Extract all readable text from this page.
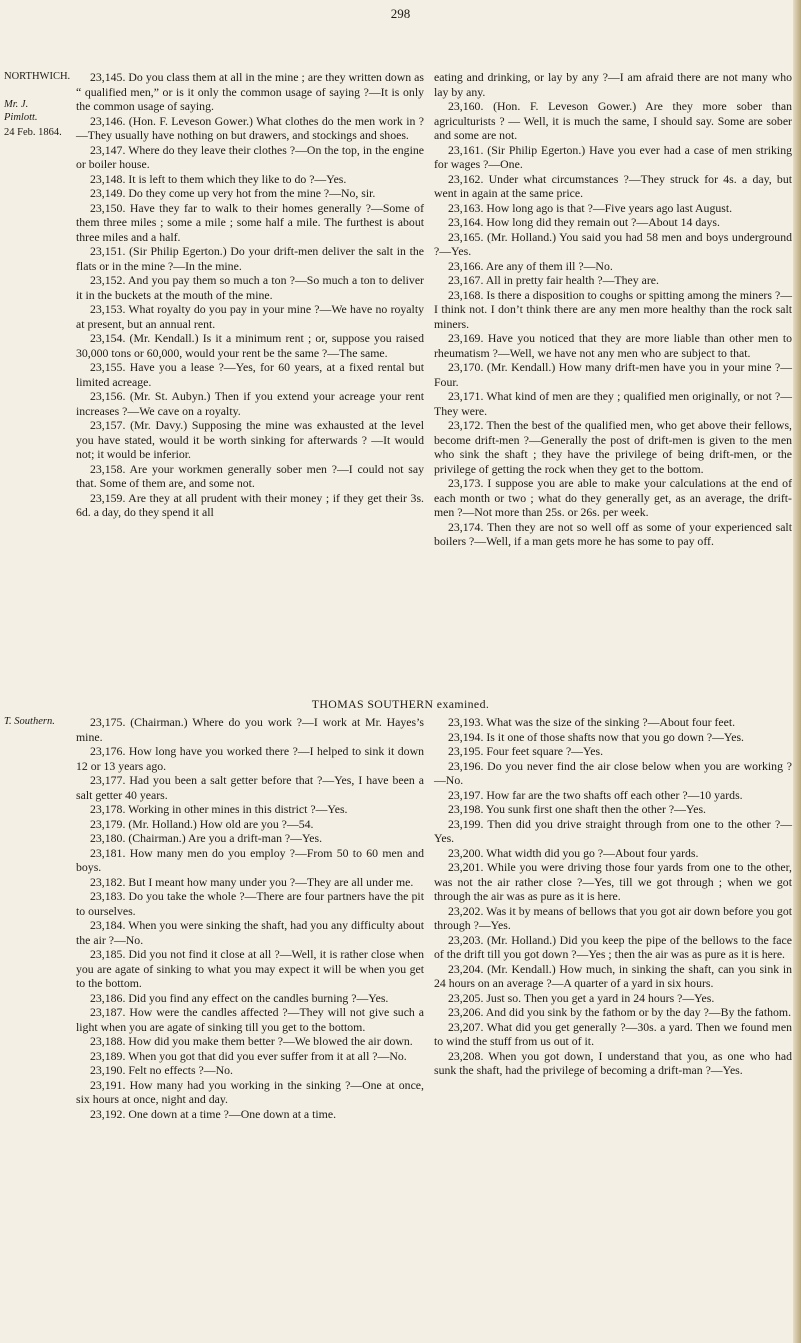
298
NORTHWICH.
Mr. J. Pimlott.
24 Feb. 1864.
T. Southern.

23,145. Do you class them at all in the mine ; are they written down as “ qualified men,” or is it only the common usage of saying ?—It is only the common usage of saying.

23,146. (Hon. F. Leveson Gower.) What clothes do the men work in ?—They usually have nothing on but drawers, and stockings and shoes.

23,147. Where do they leave their clothes ?—On the top, in the engine or boiler house.

23,148. It is left to them which they like to do ?—Yes.

23,149. Do they come up very hot from the mine ?—No, sir.

23,150. Have they far to walk to their homes generally ?—Some of them three miles ; some a mile ; some half a mile. The furthest is about three miles and a half.

23,151. (Sir Philip Egerton.) Do your drift-men deliver the salt in the flats or in the mine ?—In the mine.

23,152. And you pay them so much a ton ?—So much a ton to deliver it in the buckets at the mouth of the mine.

23,153. What royalty do you pay in your mine ?—We have no royalty at present, but an annual rent.

23,154. (Mr. Kendall.) Is it a minimum rent ; or, suppose you raised 30,000 tons or 60,000, would your rent be the same ?—The same.

23,155. Have you a lease ?—Yes, for 60 years, at a fixed rental but limited acreage.

23,156. (Mr. St. Aubyn.) Then if you extend your acreage your rent increases ?—We cave on a royalty.

23,157. (Mr. Davy.) Supposing the mine was exhausted at the level you have stated, would it be worth sinking for afterwards ? —It would not; it would be inferior.

23,158. Are your workmen generally sober men ?—I could not say that. Some of them are, and some not.

23,159. Are they at all prudent with their money ; if they get their 3s. 6d. a day, do they spend it all

eating and drinking, or lay by any ?—I am afraid there are not many who lay by any.

23,160. (Hon. F. Leveson Gower.) Are they more sober than agriculturists ? — Well, it is much the same, I should say. Some are sober and some are not.

23,161. (Sir Philip Egerton.) Have you ever had a case of men striking for wages ?—One.

23,162. Under what circumstances ?—They struck for 4s. a day, but went in again at the same price.

23,163. How long ago is that ?—Five years ago last August.

23,164. How long did they remain out ?—About 14 days.

23,165. (Mr. Holland.) You said you had 58 men and boys underground ?—Yes.

23,166. Are any of them ill ?—No.

23,167. All in pretty fair health ?—They are.

23,168. Is there a disposition to coughs or spitting among the miners ?—I think not. I don’t think there are any men more healthy than the rock salt miners.

23,169. Have you noticed that they are more liable than other men to rheumatism ?—Well, we have not any men who are subject to that.

23,170. (Mr. Kendall.) How many drift-men have you in your mine ?—Four.

23,171. What kind of men are they ; qualified men originally, or not ?—They were.

23,172. Then the best of the qualified men, who get above their fellows, become drift-men ?—Generally the post of drift-men is given to the men who sink the shaft ; they have the privilege of being drift-men, or the privilege of getting the rock when they get to the bottom.

23,173. I suppose you are able to make your calculations at the end of each month or two ; what do they generally get, as an average, the drift-men ?—Not more than 25s. or 26s. per week.

23,174. Then they are not so well off as some of your experienced salt boilers ?—Well, if a man gets more he has some to pay off.

THOMAS SOUTHERN examined.

23,175. (Chairman.) Where do you work ?—I work at Mr. Hayes’s mine.

23,176. How long have you worked there ?—I helped to sink it down 12 or 13 years ago.

23,177. Had you been a salt getter before that ?—Yes, I have been a salt getter 40 years.

23,178. Working in other mines in this district ?—Yes.

23,179. (Mr. Holland.) How old are you ?—54.

23,180. (Chairman.) Are you a drift-man ?—Yes.

23,181. How many men do you employ ?—From 50 to 60 men and boys.

23,182. But I meant how many under you ?—They are all under me.

23,183. Do you take the whole ?—There are four partners have the pit to ourselves.

23,184. When you were sinking the shaft, had you any difficulty about the air ?—No.

23,185. Did you not find it close at all ?—Well, it is rather close when you are agate of sinking to what you may expect it will be when you get to the bottom.

23,186. Did you find any effect on the candles burning ?—Yes.

23,187. How were the candles affected ?—They will not give such a light when you are agate of sinking till you get to the bottom.

23,188. How did you make them better ?—We blowed the air down.

23,189. When you got that did you ever suffer from it at all ?—No.

23,190. Felt no effects ?—No.

23,191. How many had you working in the sinking ?—One at once, six hours at once, night and day.

23,192. One down at a time ?—One down at a time.

23,193. What was the size of the sinking ?—About four feet.

23,194. Is it one of those shafts now that you go down ?—Yes.

23,195. Four feet square ?—Yes.

23,196. Do you never find the air close below when you are working ?—No.

23,197. How far are the two shafts off each other ?—10 yards.

23,198. You sunk first one shaft then the other ?—Yes.

23,199. Then did you drive straight through from one to the other ?—Yes.

23,200. What width did you go ?—About four yards.

23,201. While you were driving those four yards from one to the other, was not the air rather close ?—Yes, till we got through ; when we got through the air was as pure as it is here.

23,202. Was it by means of bellows that you got air down before you got through ?—Yes.

23,203. (Mr. Holland.) Did you keep the pipe of the bellows to the face of the drift till you got down ?—Yes ; then the air was as pure as it is here.

23,204. (Mr. Kendall.) How much, in sinking the shaft, can you sink in 24 hours on an average ?—A quarter of a yard in six hours.

23,205. Just so. Then you get a yard in 24 hours ?—Yes.

23,206. And did you sink by the fathom or by the day ?—By the fathom.

23,207. What did you get generally ?—30s. a yard. Then we found men to wind the stuff from us out of it.

23,208. When you got down, I understand that you, as one who had sunk the shaft, had the privilege of becoming a drift-man ?—Yes.
